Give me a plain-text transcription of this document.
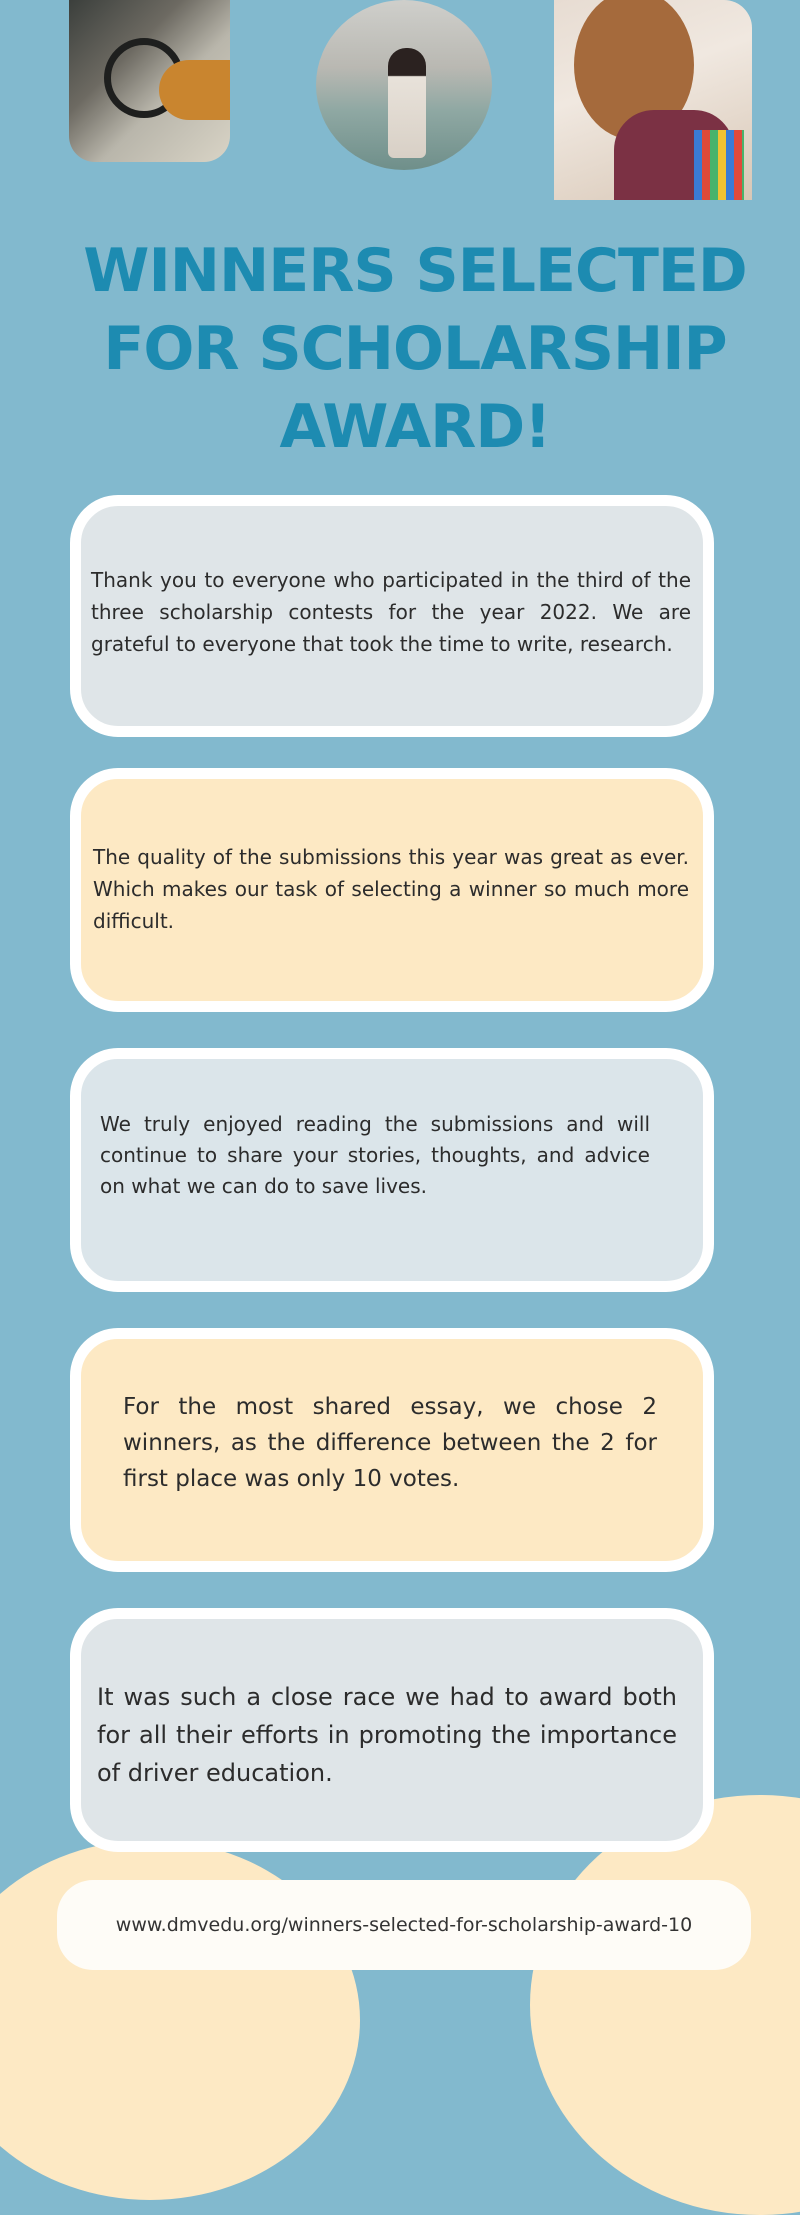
WINNERS SELECTED FOR SCHOLARSHIP AWARD!

Thank you to everyone who participated in the third of the three scholarship contests for the year 2022. We are grateful to everyone that took the time to write, research.

The quality of the submissions this year was great as ever. Which makes our task of selecting a winner so much more difficult.

We truly enjoyed reading the submissions and will continue to share your stories, thoughts, and advice on what we can do to save lives.

For the most shared essay, we chose 2 winners, as the difference between the 2 for first place was only 10 votes.

It was such a close race we had to award both for all their efforts in promoting the importance of driver education.

www.dmvedu.org/winners-selected-for-scholarship-award-10
